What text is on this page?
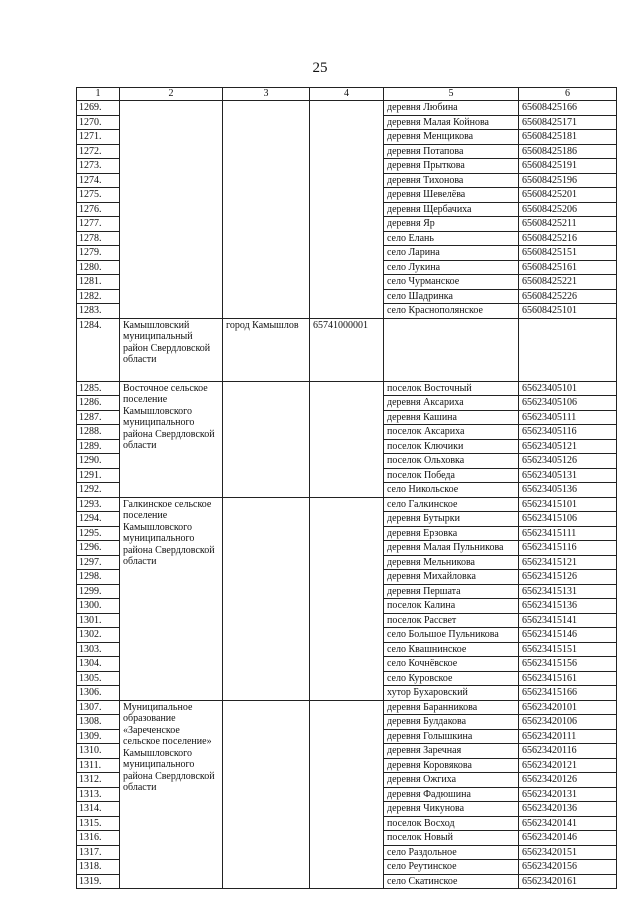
25
1	2	3	4	5	6
1269.				деревня Любина	65608425166
1270.				деревня Малая Койнова	65608425171
1271.				деревня Менщикова	65608425181
1272.				деревня Потапова	65608425186
1273.				деревня Прыткова	65608425191
1274.				деревня Тихонова	65608425196
1275.				деревня Шевелёва	65608425201
1276.				деревня Щербачиха	65608425206
1277.				деревня Яр	65608425211
1278.				село Елань	65608425216
1279.				село Ларина	65608425151
1280.				село Лукина	65608425161
1281.				село Чурманское	65608425221
1282.				село Шадринка	65608425226
1283.				село Краснополянское	65608425101
1284.	Камышловский муниципальный район Свердловской области	город Камышлов	65741000001		
1285.	Восточное сельское поселение Камышловского муниципального района Свердловской области			поселок Восточный	65623405101
1286.				деревня Аксариха	65623405106
1287.				деревня Кашина	65623405111
1288.				поселок Аксариха	65623405116
1289.				поселок Ключики	65623405121
1290.				поселок Ольховка	65623405126
1291.				поселок Победа	65623405131
1292.				село Никольское	65623405136
1293.	Галкинское сельское поселение Камышловского муниципального района Свердловской области			село Галкинское	65623415101
1294.				деревня Бутырки	65623415106
1295.				деревня Ерзовка	65623415111
1296.				деревня Малая Пульникова	65623415116
1297.				деревня Мельникова	65623415121
1298.				деревня Михайловка	65623415126
1299.				деревня Першата	65623415131
1300.				поселок Калина	65623415136
1301.				поселок Рассвет	65623415141
1302.				село Большое Пульникова	65623415146
1303.				село Квашнинское	65623415151
1304.				село Кочнёвское	65623415156
1305.				село Куровское	65623415161
1306.				хутор Бухаровский	65623415166
1307.	Муниципальное образование «Зареченское сельское поселение» Камышловского муниципального района Свердловской области			деревня Баранникова	65623420101
1308.				деревня Булдакова	65623420106
1309.				деревня Голышкина	65623420111
1310.				деревня Заречная	65623420116
1311.				деревня Коровякова	65623420121
1312.				деревня Ожгиха	65623420126
1313.				деревня Фадюшина	65623420131
1314.				деревня Чикунова	65623420136
1315.				поселок Восход	65623420141
1316.				поселок Новый	65623420146
1317.				село Раздольное	65623420151
1318.				село Реутинское	65623420156
1319.				село Скатинское	65623420161
